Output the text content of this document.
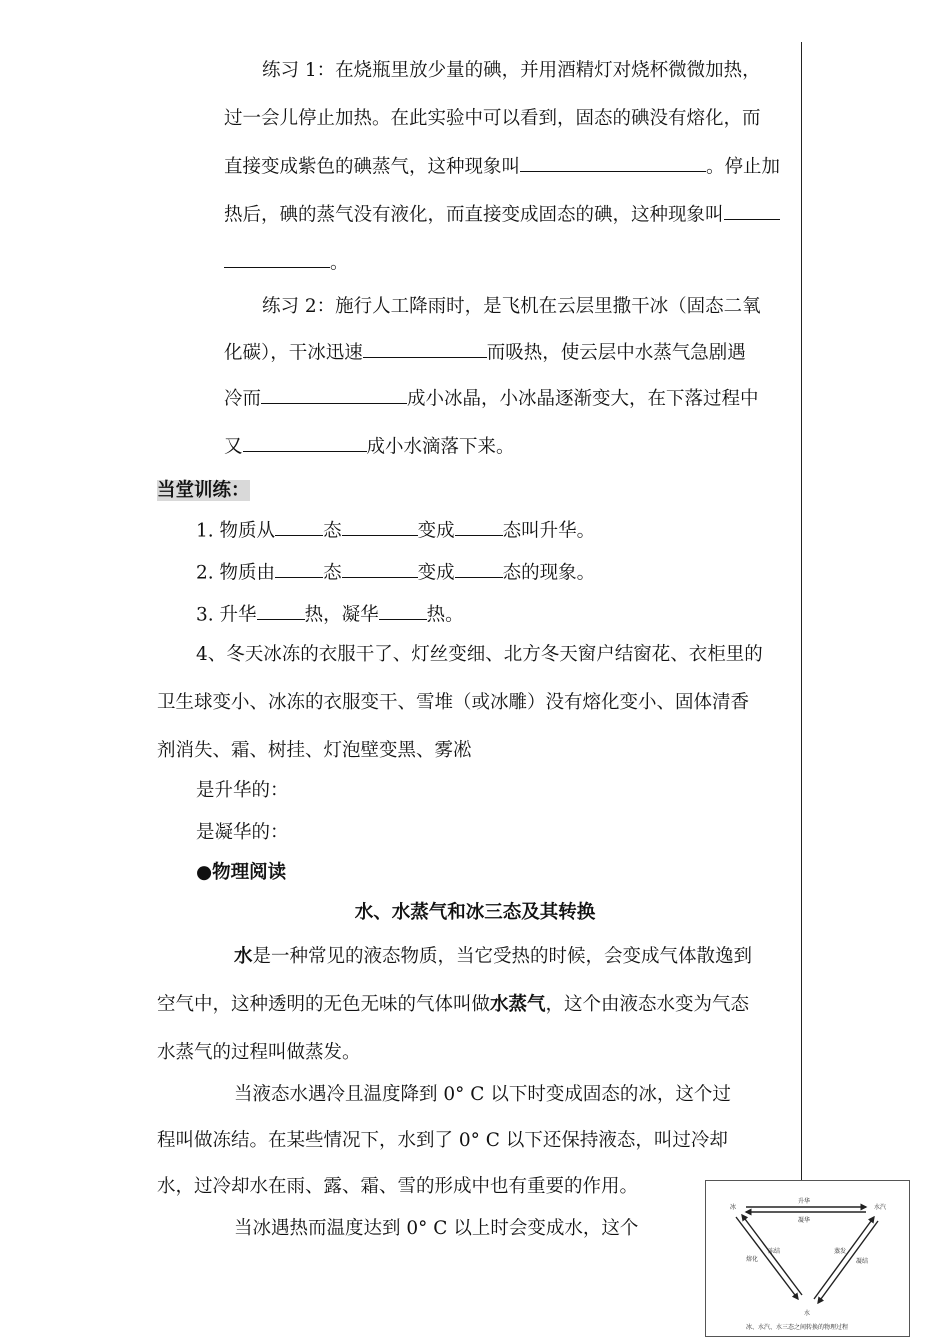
练习 1：在烧瓶里放少量的碘，并用酒精灯对烧杯微微加热，
过一会儿停止加热。在此实验中可以看到，固态的碘没有熔化，而
直接变成紫色的碘蒸气，这种现象叫	。停止加
热后，碘的蒸气没有液化，而直接变成固态的碘，这种现象叫
。
练习 2：施行人工降雨时，是飞机在云层里撒干冰（固态二氧
化碳），干冰迅速	而吸热，使云层中水蒸气急剧遇
冷而	成小冰晶，小冰晶逐渐变大，在下落过程中
又	成小水滴落下来。
当堂训练：
1. 物质从	态	变成	态叫升华。
2. 物质由	态	变成	态的现象。
3. 升华	热，凝华	热。
4、冬天冰冻的衣服干了、灯丝变细、北方冬天窗户结窗花、衣柜里的
卫生球变小、冰冻的衣服变干、雪堆（或冰雕）没有熔化变小、固体清香
剂消失、霜、树挂、灯泡壁变黑、雾凇
是升华的：
是凝华的：
●物理阅读
水、水蒸气和冰三态及其转换
水是一种常见的液态物质，当它受热的时候，会变成气体散逸到
空气中，这种透明的无色无味的气体叫做水蒸气，这个由液态水变为气态
水蒸气的过程叫做蒸发。
当液态水遇冷且温度降到 0° C 以下时变成固态的冰，这个过
程叫做冻结。在某些情况下，水到了 0° C 以下还保持液态，叫过冷却
水，过冷却水在雨、露、霜、雪的形成中也有重要的作用。
当冰遇热而温度达到 0° C 以上时会变成水，这个
冰	水汽
水
升华
凝华
熔化
冻结	蒸发
凝结
冰、水汽、水三态之间转换的物理过程
